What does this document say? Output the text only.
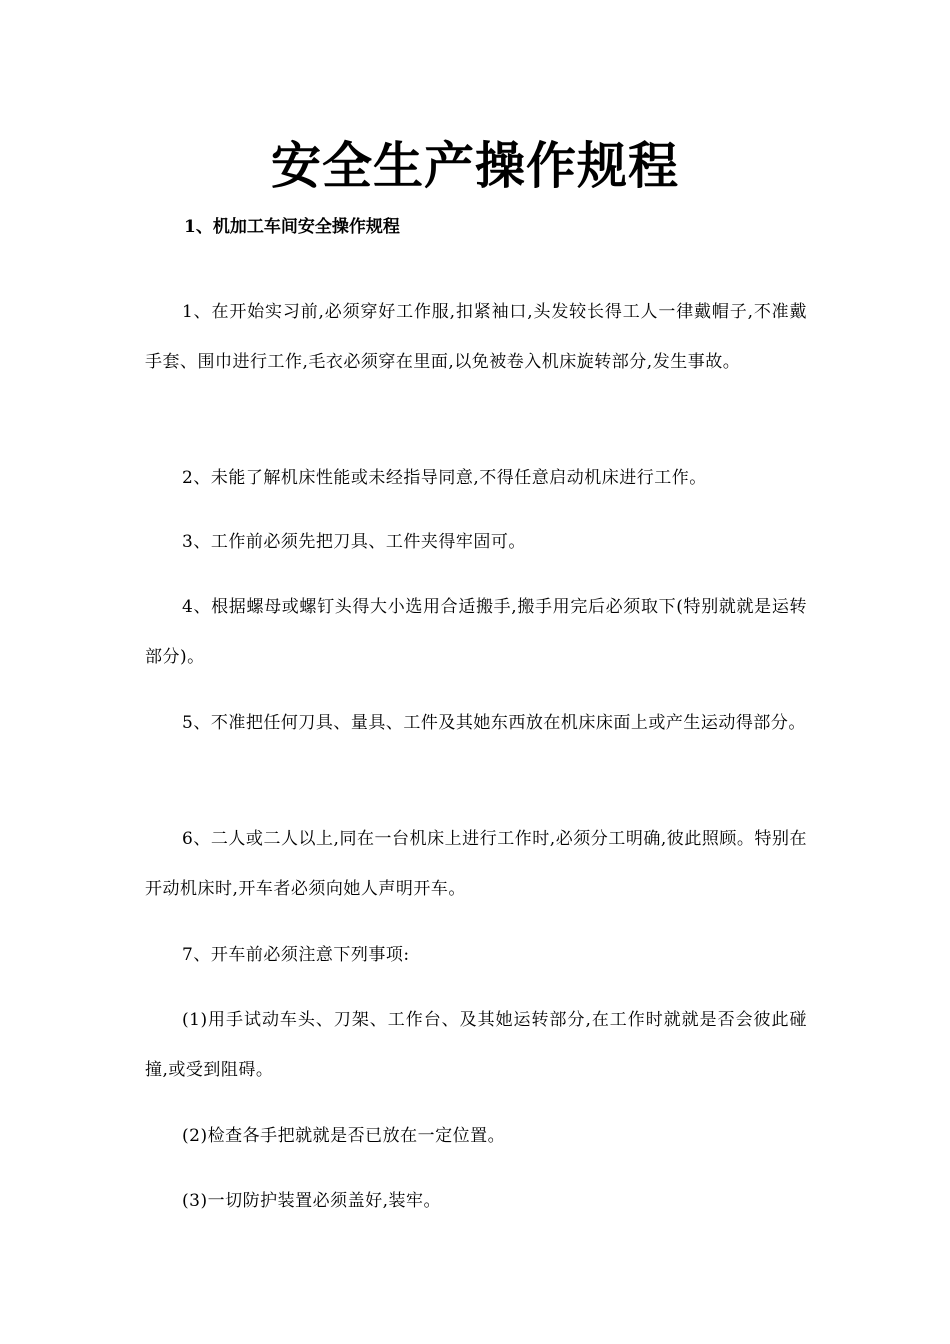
安全生产操作规程
1、机加工车间安全操作规程

1、在开始实习前,必须穿好工作服,扣紧袖口,头发较长得工人一律戴帽子,不准戴手套、围巾进行工作,毛衣必须穿在里面,以免被卷入机床旋转部分,发生事故。

2、未能了解机床性能或未经指导同意,不得任意启动机床进行工作。

3、工作前必须先把刀具、工件夹得牢固可。

4、根据螺母或螺钉头得大小选用合适搬手,搬手用完后必须取下(特别就就是运转部分)。

5、不准把任何刀具、量具、工件及其她东西放在机床床面上或产生运动得部分。

6、二人或二人以上,同在一台机床上进行工作时,必须分工明确,彼此照顾。特别在开动机床时,开车者必须向她人声明开车。

7、开车前必须注意下列事项:

(1)用手试动车头、刀架、工作台、及其她运转部分,在工作时就就是否会彼此碰撞,或受到阻碍。

(2)检查各手把就就是否已放在一定位置。

(3)一切防护装置必须盖好,装牢。
